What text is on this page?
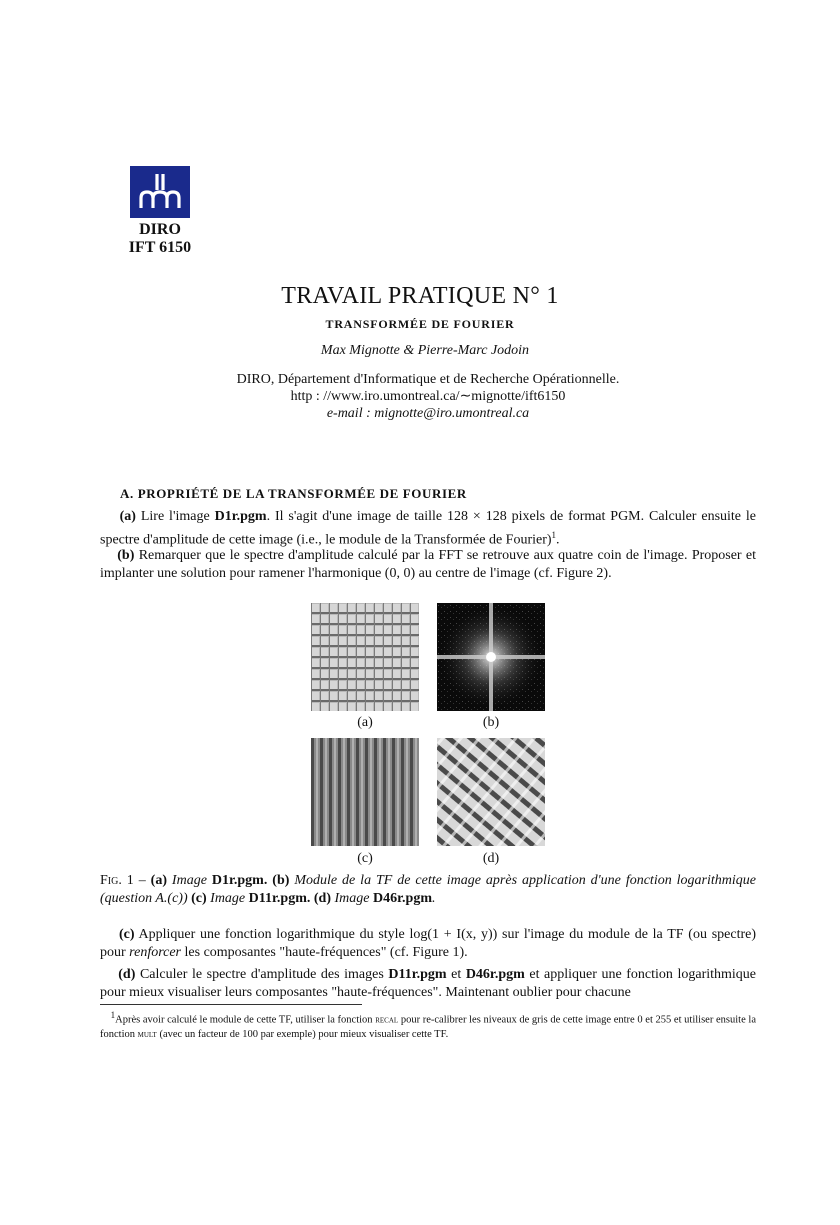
DIRO
IFT 6150
TRAVAIL PRATIQUE N° 1
TRANSFORMÉE DE FOURIER
Max Mignotte & Pierre-Marc Jodoin
DIRO, Département d'Informatique et de Recherche Opérationnelle.
http : //www.iro.umontreal.ca/∼mignotte/ift6150
e-mail : mignotte@iro.umontreal.ca
A. PROPRIÉTÉ DE LA TRANSFORMÉE DE FOURIER
(a) Lire l'image D1r.pgm. Il s'agit d'une image de taille 128 × 128 pixels de format PGM. Calculer ensuite le spectre d'amplitude de cette image (i.e., le module de la Transformée de Fourier)$^1$.
(b) Remarquer que le spectre d'amplitude calculé par la FFT se retrouve aux quatre coin de l'image. Proposer et implanter une solution pour ramener l'harmonique (0, 0) au centre de l'image (cf. Figure 2).
(a)	(b)
(c)	(d)
Fig. 1 – (a) Image D1r.pgm. (b) Module de la TF de cette image après application d'une fonction logarithmique (question A.(c)) (c) Image D11r.pgm. (d) Image D46r.pgm.
(c) Appliquer une fonction logarithmique du style log(1 + I(x, y)) sur l'image du module de la TF (ou spectre) pour renforcer les composantes "haute-fréquences" (cf. Figure 1).
(d) Calculer le spectre d'amplitude des images D11r.pgm et D46r.pgm et appliquer une fonction logarithmique pour mieux visualiser leurs composantes "haute-fréquences". Maintenant oublier pour chacune
$^1$Après avoir calculé le module de cette TF, utiliser la fonction recal pour re-calibrer les niveaux de gris de cette image entre 0 et 255 et utiliser ensuite la fonction mult (avec un facteur de 100 par exemple) pour mieux visualiser cette TF.
